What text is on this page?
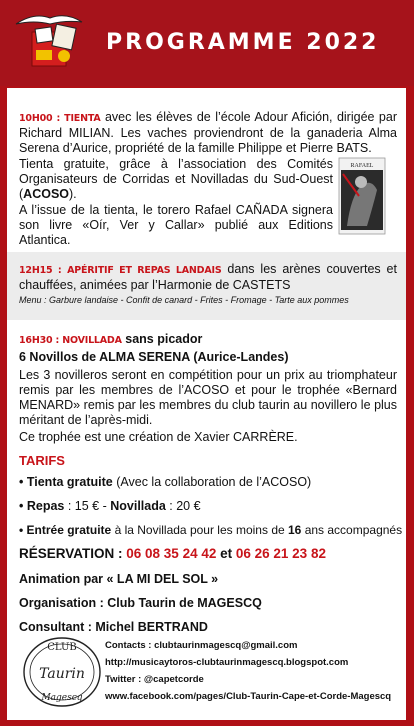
PROGRAMME 2022

10H00 : TIENTA avec les élèves de l’école Adour Afición, dirigée par Richard MILIAN. Les vaches proviendront de la ganaderia Alma Serena d’Aurice, propriété de la famille Philippe et Pierre BATS.

Tienta gratuite, grâce à l’association des Comités Organisateurs de Corridas et Novilladas du Sud-Ouest (ACOSO).

A l’issue de la tienta, le torero Rafael CAÑADA signera son livre «Oír, Ver y Callar» publié aux Editions Atlantica.

RAFAEL

12H15 : APÉRITIF ET REPAS LANDAIS dans les arènes couvertes et chauffées, animées par l’Harmonie de CASTETS

Menu : Garbure landaise - Confit de canard - Frites - Fromage - Tarte aux pommes
16H30 : NOVILLADA sans picador
6 Novillos de ALMA SERENA (Aurice-Landes)

Les 3 novilleros seront en compétition pour un prix au triomphateur remis par les membres de l’ACOSO et pour le trophée «Bernard MENARD» remis par les membres du club taurin au novillero le plus méritant de l’après-midi.

Ce trophée est une création de Xavier CARRÈRE.
TARIFS
• Tienta gratuite (Avec la collaboration de l’ACOSO)
• Repas : 15 € - Novillada : 20 €
• Entrée gratuite à la Novillada pour les moins de 16 ans accompagnés
RÉSERVATION : 06 08 35 24 42 et 06 26 21 23 82
Animation par « LA MI DEL SOL »
Organisation : Club Taurin de MAGESCQ
Consultant : Michel BERTRAND
CLUB
Taurin
Magescq
Contacts : clubtaurinmagescq@gmail.com
http://musicaytoros-clubtaurinmagescq.blogspot.com
Twitter : @capetcorde
www.facebook.com/pages/Club-Taurin-Cape-et-Corde-Magescq
